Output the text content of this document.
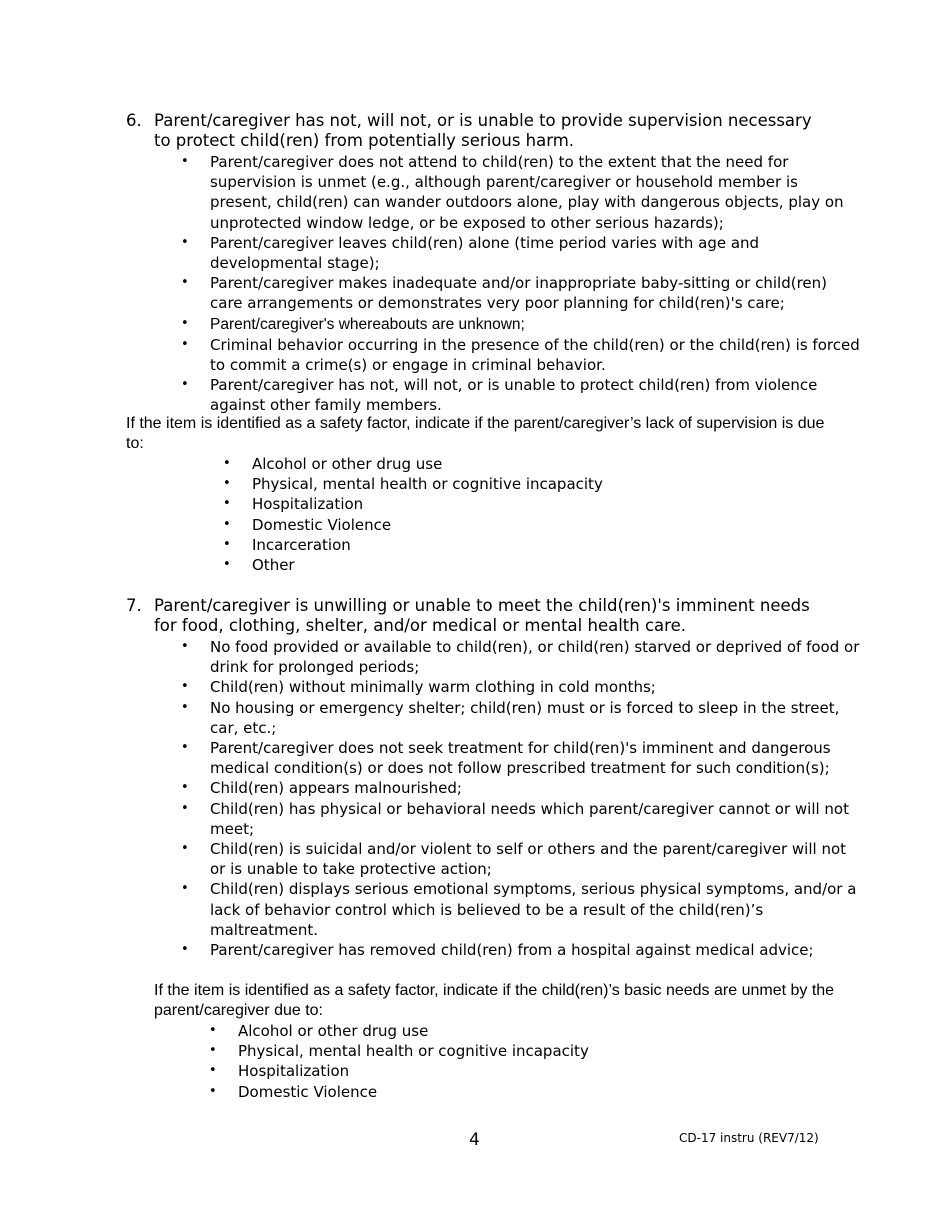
6. Parent/caregiver has not, will not, or is unable to provide supervision necessary to protect child(ren) from potentially serious harm.
• Parent/caregiver does not attend to child(ren) to the extent that the need for supervision is unmet (e.g., although parent/caregiver or household member is present, child(ren) can wander outdoors alone, play with dangerous objects, play on unprotected window ledge, or be exposed to other serious hazards);
• Parent/caregiver leaves child(ren) alone (time period varies with age and developmental stage);
• Parent/caregiver makes inadequate and/or inappropriate baby-sitting or child(ren) care arrangements or demonstrates very poor planning for child(ren)'s care;
• Parent/caregiver's whereabouts are unknown;
• Criminal behavior occurring in the presence of the child(ren) or the child(ren) is forced to commit a crime(s) or engage in criminal behavior.
• Parent/caregiver has not, will not, or is unable to protect child(ren) from violence against other family members.
If the item is identified as a safety factor, indicate if the parent/caregiver’s lack of supervision is due to:
• Alcohol or other drug use
• Physical, mental health or cognitive incapacity
• Hospitalization
• Domestic Violence
• Incarceration
• Other
7. Parent/caregiver is unwilling or unable to meet the child(ren)'s imminent needs for food, clothing, shelter, and/or medical or mental health care.
• No food provided or available to child(ren), or child(ren) starved or deprived of food or drink for prolonged periods;
• Child(ren) without minimally warm clothing in cold months;
• No housing or emergency shelter; child(ren) must or is forced to sleep in the street, car, etc.;
• Parent/caregiver does not seek treatment for child(ren)'s imminent and dangerous medical condition(s) or does not follow prescribed treatment for such condition(s);
• Child(ren) appears malnourished;
• Child(ren) has physical or behavioral needs which parent/caregiver cannot or will not meet;
• Child(ren) is suicidal and/or violent to self or others and the parent/caregiver will not or is unable to take protective action;
• Child(ren) displays serious emotional symptoms, serious physical symptoms, and/or a lack of behavior control which is believed to be a result of the child(ren)’s maltreatment.
• Parent/caregiver has removed child(ren) from a hospital against medical advice;
If the item is identified as a safety factor, indicate if the child(ren)’s basic needs are unmet by the parent/caregiver due to:
• Alcohol or other drug use
• Physical, mental health or cognitive incapacity
• Hospitalization
• Domestic Violence
4	CD-17 instru (REV7/12)
